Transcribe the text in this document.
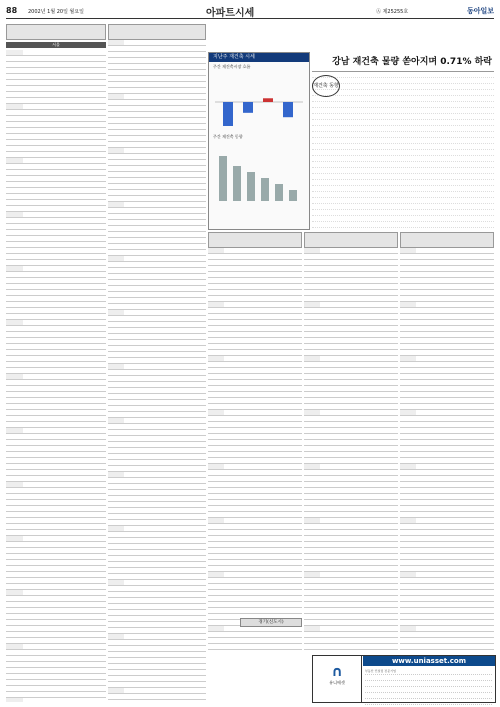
88 2002년 1월 20일 월요일	아파트시세	Ⓐ 제25255호	동아일보
서울

지난주 재건축 시세
주간 재건축시장 흐름
주간 재건축 동향
강남 재건축 물량 쏟아지며 0.71% 하락
재건축 동향

경기(신도시)
∩
유니에셋
www.uniasset.com
부동산 컨설팅 전문기업
